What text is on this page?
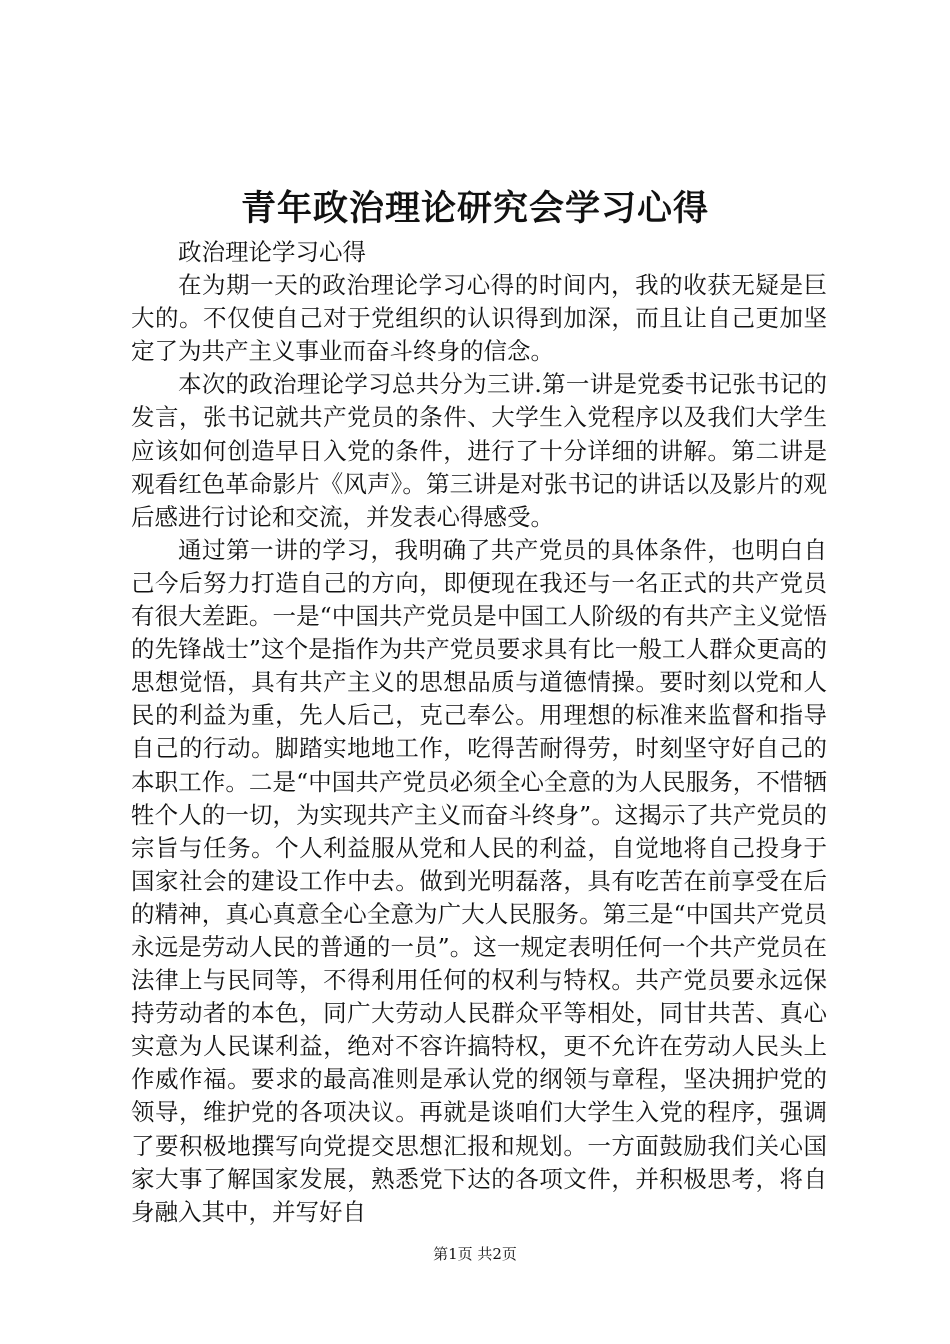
青年政治理论研究会学习心得

政治理论学习心得

在为期一天的政治理论学习心得的时间内，我的收获无疑是巨大的。不仅使自己对于党组织的认识得到加深，而且让自己更加坚定了为共产主义事业而奋斗终身的信念。

本次的政治理论学习总共分为三讲.第一讲是党委书记张书记的发言，张书记就共产党员的条件、大学生入党程序以及我们大学生应该如何创造早日入党的条件，进行了十分详细的讲解。第二讲是观看红色革命影片《风声》。第三讲是对张书记的讲话以及影片的观后感进行讨论和交流，并发表心得感受。

通过第一讲的学习，我明确了共产党员的具体条件，也明白自己今后努力打造自己的方向，即便现在我还与一名正式的共产党员有很大差距。一是“中国共产党员是中国工人阶级的有共产主义觉悟的先锋战士”这个是指作为共产党员要求具有比一般工人群众更高的思想觉悟，具有共产主义的思想品质与道德情操。要时刻以党和人民的利益为重，先人后己，克己奉公。用理想的标准来监督和指导自己的行动。脚踏实地地工作，吃得苦耐得劳，时刻坚守好自己的本职工作。二是“中国共产党员必须全心全意的为人民服务，不惜牺牲个人的一切，为实现共产主义而奋斗终身”。这揭示了共产党员的宗旨与任务。个人利益服从党和人民的利益，自觉地将自己投身于国家社会的建设工作中去。做到光明磊落，具有吃苦在前享受在后的精神，真心真意全心全意为广大人民服务。第三是“中国共产党员永远是劳动人民的普通的一员”。这一规定表明任何一个共产党员在法律上与民同等，不得利用任何的权利与特权。共产党员要永远保持劳动者的本色，同广大劳动人民群众平等相处，同甘共苦、真心实意为人民谋利益，绝对不容许搞特权，更不允许在劳动人民头上作威作福。要求的最高准则是承认党的纲领与章程，坚决拥护党的领导，维护党的各项决议。再就是谈咱们大学生入党的程序，强调了要积极地撰写向党提交思想汇报和规划。一方面鼓励我们关心国家大事了解国家发展，熟悉党下达的各项文件，并积极思考，将自身融入其中，并写好自

第1页 共2页
